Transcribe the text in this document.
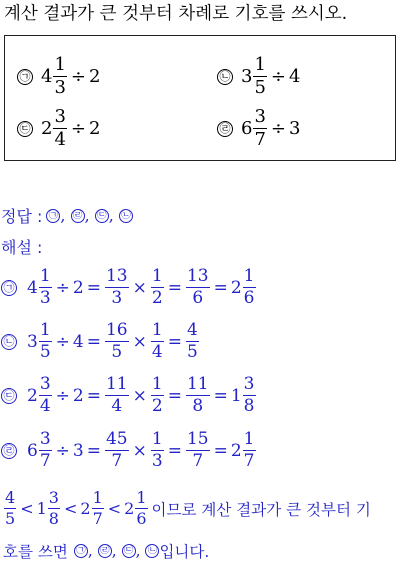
계산 결과가 큰 것부터 차례로 기호를 쓰시오.
㉠ $4 \frac{1}{3} \div 2$	㉡ $3 \frac{1}{5} \div 4$
㉢ $2 \frac{3}{4} \div 2$	㉣ $6 \frac{3}{7} \div 3$
정답 : ㉠ ,
㉣ ,
㉢ ,
㉡
해설 :
㉠ $4 \frac{1}{3} \div 2 = \frac{13}{3} \times \frac{1}{2} = \frac{13}{6} = 2 \frac{1}{6}$
㉡ $3 \frac{1}{5} \div 4 = \frac{16}{5} \times \frac{1}{4} = \frac{4}{5}$
㉢ $2 \frac{3}{4} \div 2 = \frac{11}{4} \times \frac{1}{2} = \frac{11}{8} = 1 \frac{3}{8}$
㉣ $6 \frac{3}{7} \div 3 = \frac{45}{7} \times \frac{1}{3} = \frac{15}{7} = 2 \frac{1}{7}$
$\frac{4}{5} < 1 \frac{3}{8} < 2 \frac{1}{7} < 2 \frac{1}{6}$ 이므로 계산 결과가 큰 것부터 기
호를 쓰면 ㉠ ,
㉣ ,
㉢ ,
㉡ 입니다.
